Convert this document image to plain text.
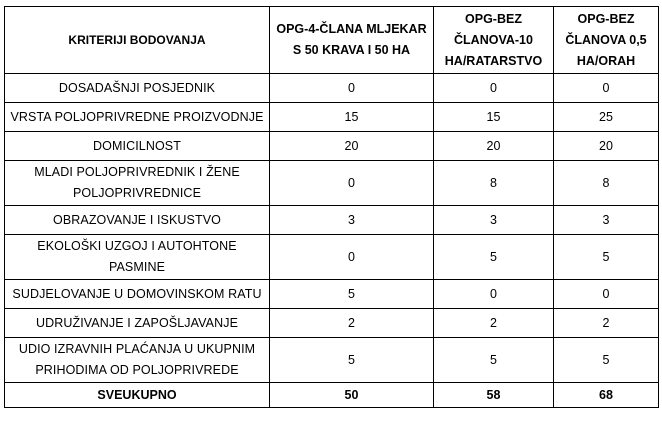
KRITERIJI BODOVANJA	OPG-4-ČLANA MLJEKAR S 50 KRAVA I 50 HA	OPG-BEZ ČLANOVA-10 HA/RATARSTVO	OPG-BEZ ČLANOVA 0,5 HA/ORAH
DOSADAŠNJI POSJEDNIK	0	0	0
VRSTA POLJOPRIVREDNE PROIZVODNJE	15	15	25
DOMICILNOST	20	20	20
MLADI POLJOPRIVREDNIK I ŽENE POLJOPRIVREDNICE	0	8	8
OBRAZOVANJE I ISKUSTVO	3	3	3
EKOLOŠKI UZGOJ I AUTOHTONE PASMINE	0	5	5
SUDJELOVANJE U DOMOVINSKOM RATU	5	0	0
UDRUŽIVANJE I ZAPOŠLJAVANJE	2	2	2
UDIO IZRAVNIH PLAĆANJA U UKUPNIM PRIHODIMA OD POLJOPRIVREDE	5	5	5
SVEUKUPNO	50	58	68
